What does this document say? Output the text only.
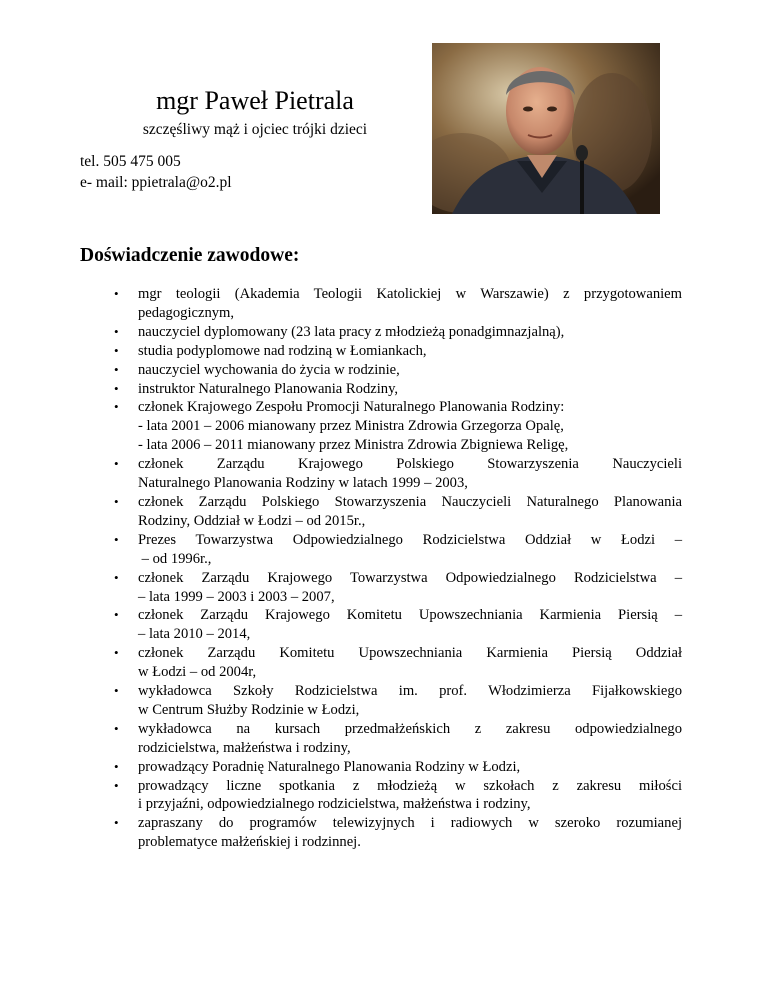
mgr Paweł Pietrala
szczęśliwy mąż i ojciec trójki dzieci
tel. 505 475 005
e- mail: ppietrala@o2.pl
Doświadczenie zawodowe:
• mgr teologii (Akademia Teologii Katolickiej w Warszawie) z przygotowaniem
pedagogicznym,
• nauczyciel dyplomowany (23 lata pracy z młodzieżą ponadgimnazjalną),
• studia podyplomowe nad rodziną w Łomiankach,
• nauczyciel wychowania do życia w rodzinie,
• instruktor Naturalnego Planowania Rodziny,
• członek Krajowego Zespołu Promocji Naturalnego Planowania Rodziny:
- lata 2001 – 2006 mianowany przez Ministra Zdrowia Grzegorza Opalę,
- lata 2006 – 2011 mianowany przez Ministra Zdrowia Zbigniewa Religę,
• członek Zarządu Krajowego Polskiego Stowarzyszenia Nauczycieli
Naturalnego Planowania Rodziny w latach 1999 – 2003,
• członek Zarządu Polskiego Stowarzyszenia Nauczycieli Naturalnego Planowania
Rodziny, Oddział w Łodzi – od 2015r.,
• Prezes Towarzystwa Odpowiedzialnego Rodzicielstwa Oddział w Łodzi –
– od 1996r.,
• członek Zarządu Krajowego Towarzystwa Odpowiedzialnego Rodzicielstwa –
– lata 1999 – 2003 i 2003 – 2007,
• członek Zarządu Krajowego Komitetu Upowszechniania Karmienia Piersią –
– lata 2010 – 2014,
• członek Zarządu Komitetu Upowszechniania Karmienia Piersią Oddział
w Łodzi – od 2004r,
• wykładowca Szkoły Rodzicielstwa im. prof. Włodzimierza Fijałkowskiego
w Centrum Służby Rodzinie w Łodzi,
• wykładowca na kursach przedmałżeńskich z zakresu odpowiedzialnego
rodzicielstwa, małżeństwa i rodziny,
• prowadzący Poradnię Naturalnego Planowania Rodziny w Łodzi,
• prowadzący liczne spotkania z młodzieżą w szkołach z zakresu miłości
i przyjaźni, odpowiedzialnego rodzicielstwa, małżeństwa i rodziny,
• zapraszany do programów telewizyjnych i radiowych w szeroko rozumianej
problematyce małżeńskiej i rodzinnej.
